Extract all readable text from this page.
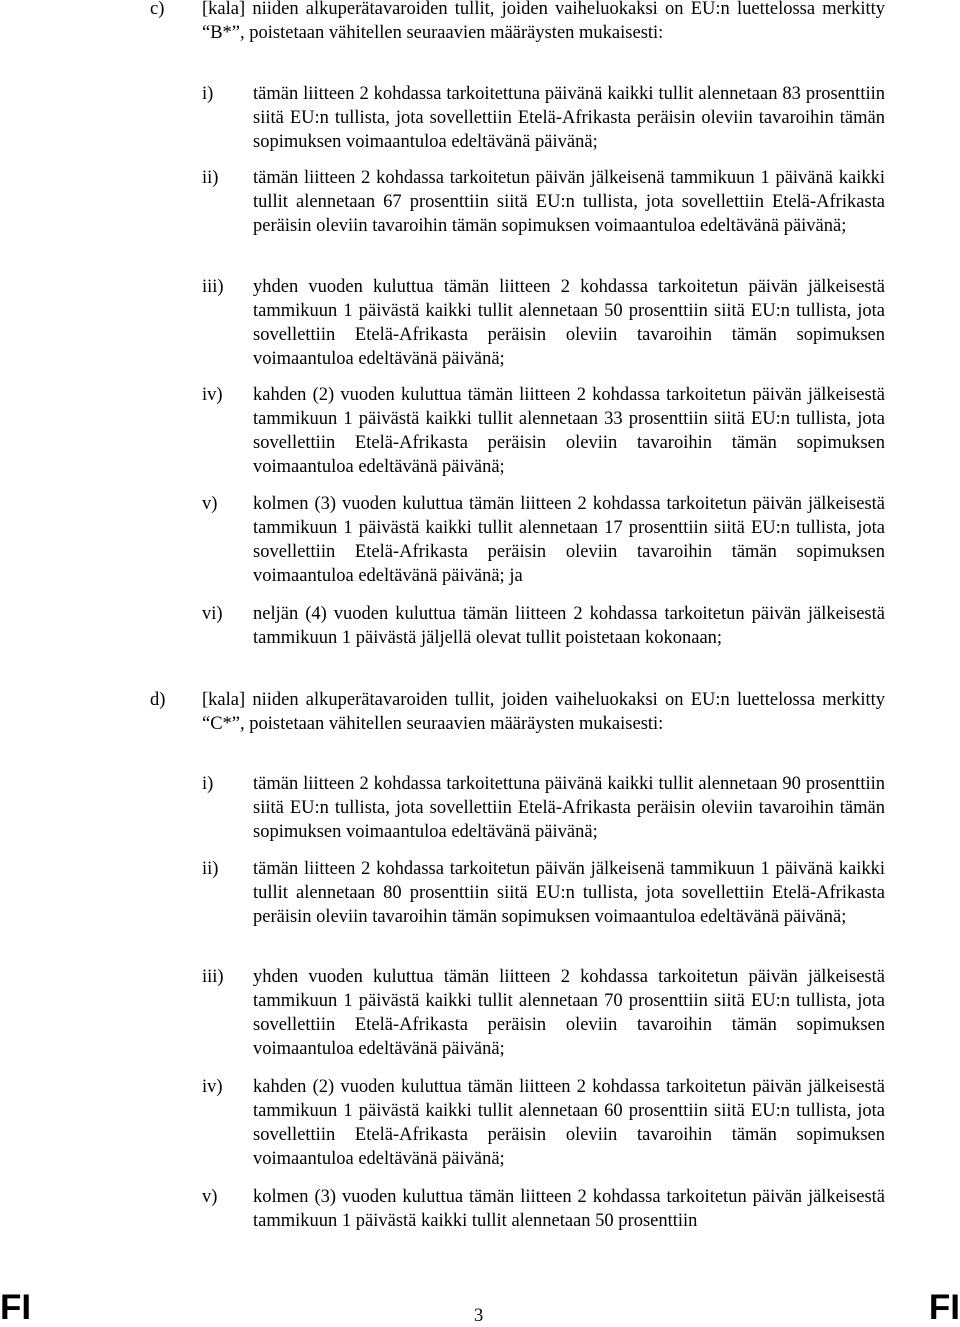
c) [kala] niiden alkuperätavaroiden tullit, joiden vaiheluokaksi on EU:n luettelossa merkitty “B*”, poistetaan vähitellen seuraavien määräysten mukaisesti:
i) tämän liitteen 2 kohdassa tarkoitettuna päivänä kaikki tullit alennetaan 83 prosenttiin siitä EU:n tullista, jota sovellettiin Etelä-Afrikasta peräisin oleviin tavaroihin tämän sopimuksen voimaantuloa edeltävänä päivänä;
ii) tämän liitteen 2 kohdassa tarkoitetun päivän jälkeisenä tammikuun 1 päivänä kaikki tullit alennetaan 67 prosenttiin siitä EU:n tullista, jota sovellettiin Etelä-Afrikasta peräisin oleviin tavaroihin tämän sopimuksen voimaantuloa edeltävänä päivänä;
iii) yhden vuoden kuluttua tämän liitteen 2 kohdassa tarkoitetun päivän jälkeisestä tammikuun 1 päivästä kaikki tullit alennetaan 50 prosenttiin siitä EU:n tullista, jota sovellettiin Etelä-Afrikasta peräisin oleviin tavaroihin tämän sopimuksen voimaantuloa edeltävänä päivänä;
iv) kahden (2) vuoden kuluttua tämän liitteen 2 kohdassa tarkoitetun päivän jälkeisestä tammikuun 1 päivästä kaikki tullit alennetaan 33 prosenttiin siitä EU:n tullista, jota sovellettiin Etelä-Afrikasta peräisin oleviin tavaroihin tämän sopimuksen voimaantuloa edeltävänä päivänä;
v) kolmen (3) vuoden kuluttua tämän liitteen 2 kohdassa tarkoitetun päivän jälkeisestä tammikuun 1 päivästä kaikki tullit alennetaan 17 prosenttiin siitä EU:n tullista, jota sovellettiin Etelä-Afrikasta peräisin oleviin tavaroihin tämän sopimuksen voimaantuloa edeltävänä päivänä; ja
vi) neljän (4) vuoden kuluttua tämän liitteen 2 kohdassa tarkoitetun päivän jälkeisestä tammikuun 1 päivästä jäljellä olevat tullit poistetaan kokonaan;
d) [kala] niiden alkuperätavaroiden tullit, joiden vaiheluokaksi on EU:n luettelossa merkitty “C*”, poistetaan vähitellen seuraavien määräysten mukaisesti:
i) tämän liitteen 2 kohdassa tarkoitettuna päivänä kaikki tullit alennetaan 90 prosenttiin siitä EU:n tullista, jota sovellettiin Etelä-Afrikasta peräisin oleviin tavaroihin tämän sopimuksen voimaantuloa edeltävänä päivänä;
ii) tämän liitteen 2 kohdassa tarkoitetun päivän jälkeisenä tammikuun 1 päivänä kaikki tullit alennetaan 80 prosenttiin siitä EU:n tullista, jota sovellettiin Etelä-Afrikasta peräisin oleviin tavaroihin tämän sopimuksen voimaantuloa edeltävänä päivänä;
iii) yhden vuoden kuluttua tämän liitteen 2 kohdassa tarkoitetun päivän jälkeisestä tammikuun 1 päivästä kaikki tullit alennetaan 70 prosenttiin siitä EU:n tullista, jota sovellettiin Etelä-Afrikasta peräisin oleviin tavaroihin tämän sopimuksen voimaantuloa edeltävänä päivänä;
iv) kahden (2) vuoden kuluttua tämän liitteen 2 kohdassa tarkoitetun päivän jälkeisestä tammikuun 1 päivästä kaikki tullit alennetaan 60 prosenttiin siitä EU:n tullista, jota sovellettiin Etelä-Afrikasta peräisin oleviin tavaroihin tämän sopimuksen voimaantuloa edeltävänä päivänä;
v) kolmen (3) vuoden kuluttua tämän liitteen 2 kohdassa tarkoitetun päivän jälkeisestä tammikuun 1 päivästä kaikki tullit alennetaan 50 prosenttiin
FI	3	FI
